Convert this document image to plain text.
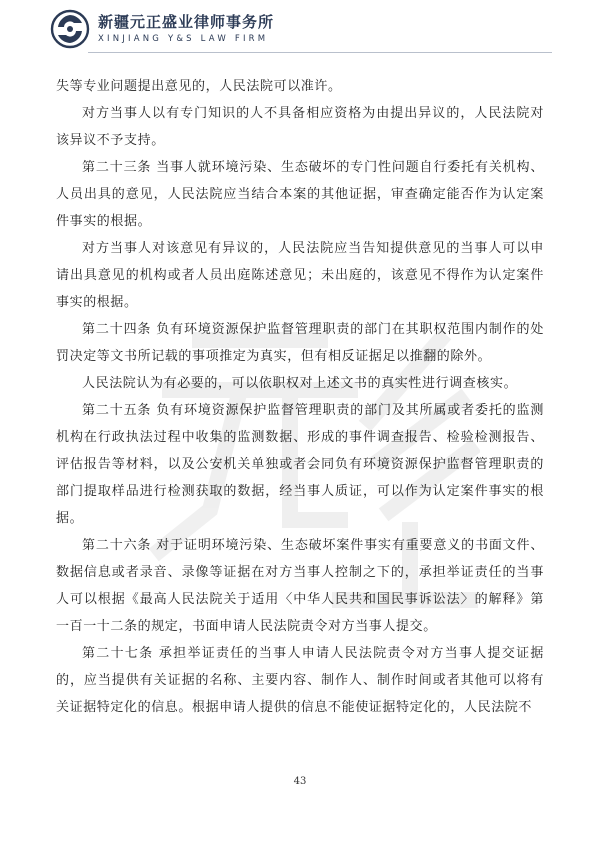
新疆元正盛业律师事务所
XINJIANG Y&S LAW FIRM

失等专业问题提出意见的，人民法院可以准许。

对方当事人以有专门知识的人不具备相应资格为由提出异议的，人民法院对该异议不予支持。

第二十三条 当事人就环境污染、生态破坏的专门性问题自行委托有关机构、人员出具的意见，人民法院应当结合本案的其他证据，审查确定能否作为认定案件事实的根据。

对方当事人对该意见有异议的，人民法院应当告知提供意见的当事人可以申请出具意见的机构或者人员出庭陈述意见；未出庭的，该意见不得作为认定案件事实的根据。

第二十四条 负有环境资源保护监督管理职责的部门在其职权范围内制作的处罚决定等文书所记载的事项推定为真实，但有相反证据足以推翻的除外。

人民法院认为有必要的，可以依职权对上述文书的真实性进行调查核实。

第二十五条 负有环境资源保护监督管理职责的部门及其所属或者委托的监测机构在行政执法过程中收集的监测数据、形成的事件调查报告、检验检测报告、评估报告等材料，以及公安机关单独或者会同负有环境资源保护监督管理职责的部门提取样品进行检测获取的数据，经当事人质证，可以作为认定案件事实的根据。

第二十六条 对于证明环境污染、生态破坏案件事实有重要意义的书面文件、数据信息或者录音、录像等证据在对方当事人控制之下的，承担举证责任的当事人可以根据《最高人民法院关于适用〈中华人民共和国民事诉讼法〉的解释》第一百一十二条的规定，书面申请人民法院责令对方当事人提交。

第二十七条 承担举证责任的当事人申请人民法院责令对方当事人提交证据的，应当提供有关证据的名称、主要内容、制作人、制作时间或者其他可以将有关证据特定化的信息。根据申请人提供的信息不能使证据特定化的，人民法院不

43
